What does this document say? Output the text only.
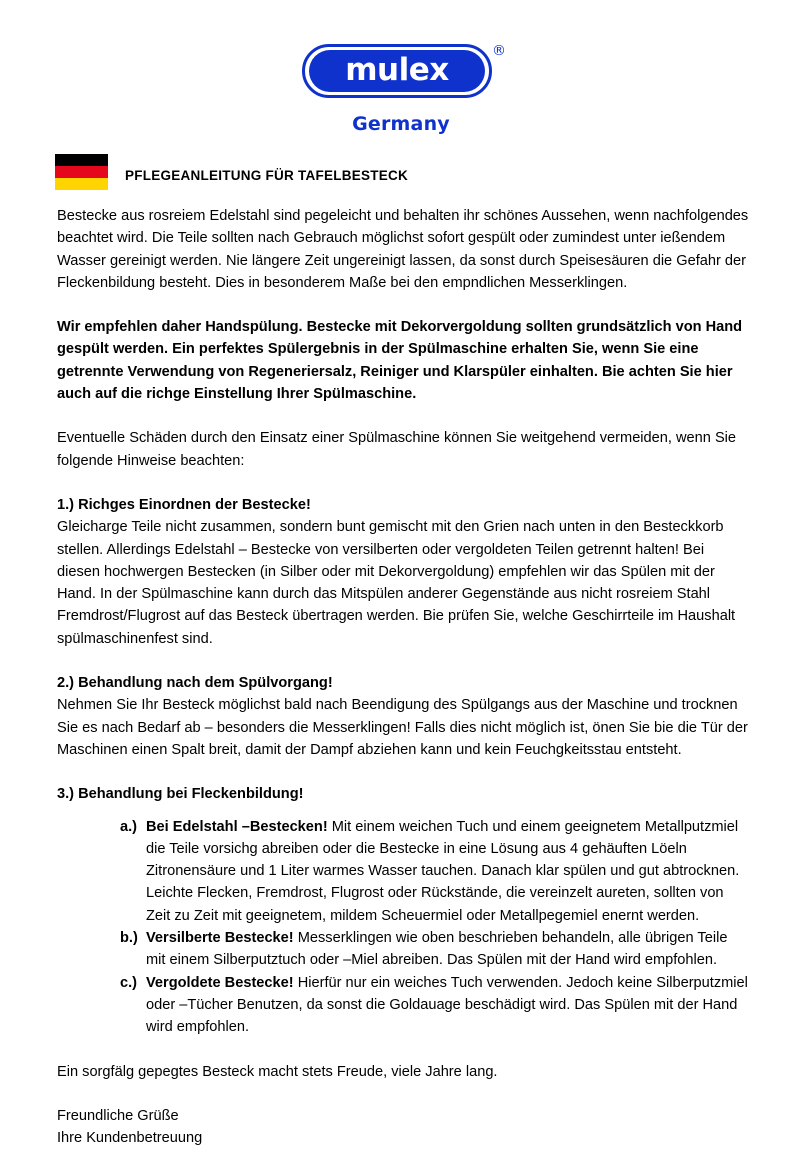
mulex
®
Germany
PFLEGEANLEITUNG FÜR TAFELBESTECK

Bestecke aus rosreiem Edelstahl sind pegeleicht und behalten ihr schönes Aussehen, wenn nachfolgendes beachtet wird. Die Teile sollten nach Gebrauch möglichst sofort gespült oder zumindest unter ießendem Wasser gereinigt werden. Nie längere Zeit ungereinigt lassen, da sonst durch Speisesäuren die Gefahr der Fleckenbildung besteht. Dies in besonderem Maße bei den empndlichen Messerklingen.

Wir empfehlen daher Handspülung. Bestecke mit Dekorvergoldung sollten grundsätzlich von Hand gespült werden. Ein perfektes Spülergebnis in der Spülmaschine erhalten Sie, wenn Sie eine getrennte Verwendung von Regeneriersalz, Reiniger und Klarspüler einhalten. Bie achten Sie hier auch auf die richge Einstellung Ihrer Spülmaschine.

Eventuelle Schäden durch den Einsatz einer Spülmaschine können Sie weitgehend vermeiden, wenn Sie folgende Hinweise beachten:

1.) Richges Einordnen der Bestecke!

Gleicharge Teile nicht zusammen, sondern bunt gemischt mit den Grien nach unten in den Besteckkorb stellen. Allerdings Edelstahl – Bestecke von versilberten oder vergoldeten Teilen getrennt halten! Bei diesen hochwergen Bestecken (in Silber oder mit Dekorvergoldung) empfehlen wir das Spülen mit der Hand. In der Spülmaschine kann durch das Mitspülen anderer Gegenstände aus nicht rosreiem Stahl Fremdrost/Flugrost auf das Besteck übertragen werden. Bie prüfen Sie, welche Geschirrteile im Haushalt spülmaschinenfest sind.

2.) Behandlung nach dem Spülvorgang!

Nehmen Sie Ihr Besteck möglichst bald nach Beendigung des Spülgangs aus der Maschine und trocknen Sie es nach Bedarf ab – besonders die Messerklingen! Falls dies nicht möglich ist, önen Sie bie die Tür der Maschinen einen Spalt breit, damit der Dampf abziehen kann und kein Feuchgkeitsstau entsteht.

3.) Behandlung bei Fleckenbildung!

a.) Bei Edelstahl –Bestecken! Mit einem weichen Tuch und einem geeignetem Metallputzmiel die Teile vorsichg abreiben oder die Bestecke in eine Lösung aus 4 gehäuften Löeln Zitronensäure und 1 Liter warmes Wasser tauchen. Danach klar spülen und gut abtrocknen. Leichte Flecken, Fremdrost, Flugrost oder Rückstände, die vereinzelt aureten, sollten von Zeit zu Zeit mit geeignetem, mildem Scheuermiel oder Metallpegemiel enernt werden.
b.) Versilberte Bestecke! Messerklingen wie oben beschrieben behandeln, alle übrigen Teile mit einem Silberputztuch oder –Miel abreiben. Das Spülen mit der Hand wird empfohlen.
c.) Vergoldete Bestecke! Hierfür nur ein weiches Tuch verwenden. Jedoch keine Silberputzmiel oder –Tücher Benutzen, da sonst die Goldauage beschädigt wird. Das Spülen mit der Hand wird empfohlen.

Ein sorgfälg gepegtes Besteck macht stets Freude, viele Jahre lang.

Freundliche Grüße

Ihre Kundenbetreuung
